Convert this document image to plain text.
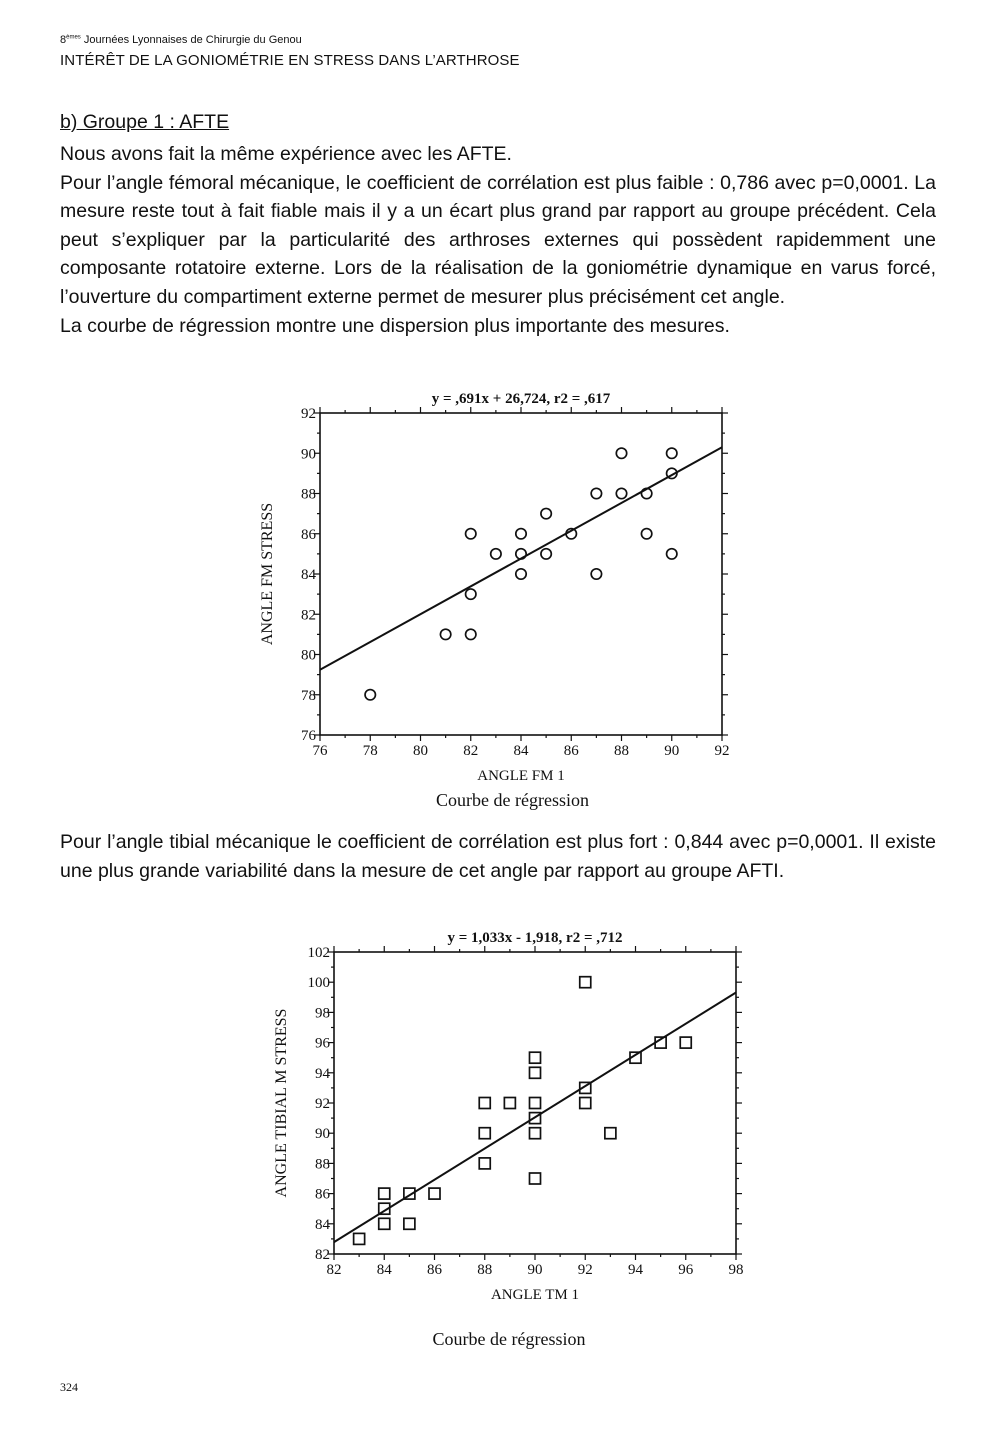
8èmes Journées Lyonnaises de Chirurgie du Genou
INTÉRÊT DE LA GONIOMÉTRIE EN STRESS DANS L’ARTHROSE
b) Groupe 1 : AFTE
Nous avons fait la même expérience avec les AFTE.
Pour l’angle fémoral mécanique, le coefficient de corrélation est plus faible : 0,786 avec p=0,0001. La mesure reste tout à fait fiable mais il y a un écart plus grand par rapport au groupe précédent. Cela peut s’expliquer par la particularité des arthroses externes qui possèdent rapidemment une composante rotatoire externe. Lors de la réalisation de la goniométrie dynamique en varus forcé, l’ouverture du compartiment externe permet de mesurer plus précisément cet angle.
La courbe de régression montre une dispersion plus importante des mesures.
y = ,691x + 26,724, r2 = ,617
76 78 80 82 84 86 88 90 92
76
78
80
82
84
86
88
90
92
ANGLE FM 1
ANGLE FM STRESS
Courbe de régression
Pour l’angle tibial mécanique le coefficient de corrélation est plus fort : 0,844 avec p=0,0001. Il existe une plus grande variabilité dans la mesure de cet angle par rapport au groupe AFTI.
y = 1,033x - 1,918, r2 = ,712
82 84 86 88 90 92 94 96 98
82
84
86
88
90
92
94
96
98
100
102
ANGLE TM 1
ANGLE TIBIAL M STRESS
Courbe de régression
324
